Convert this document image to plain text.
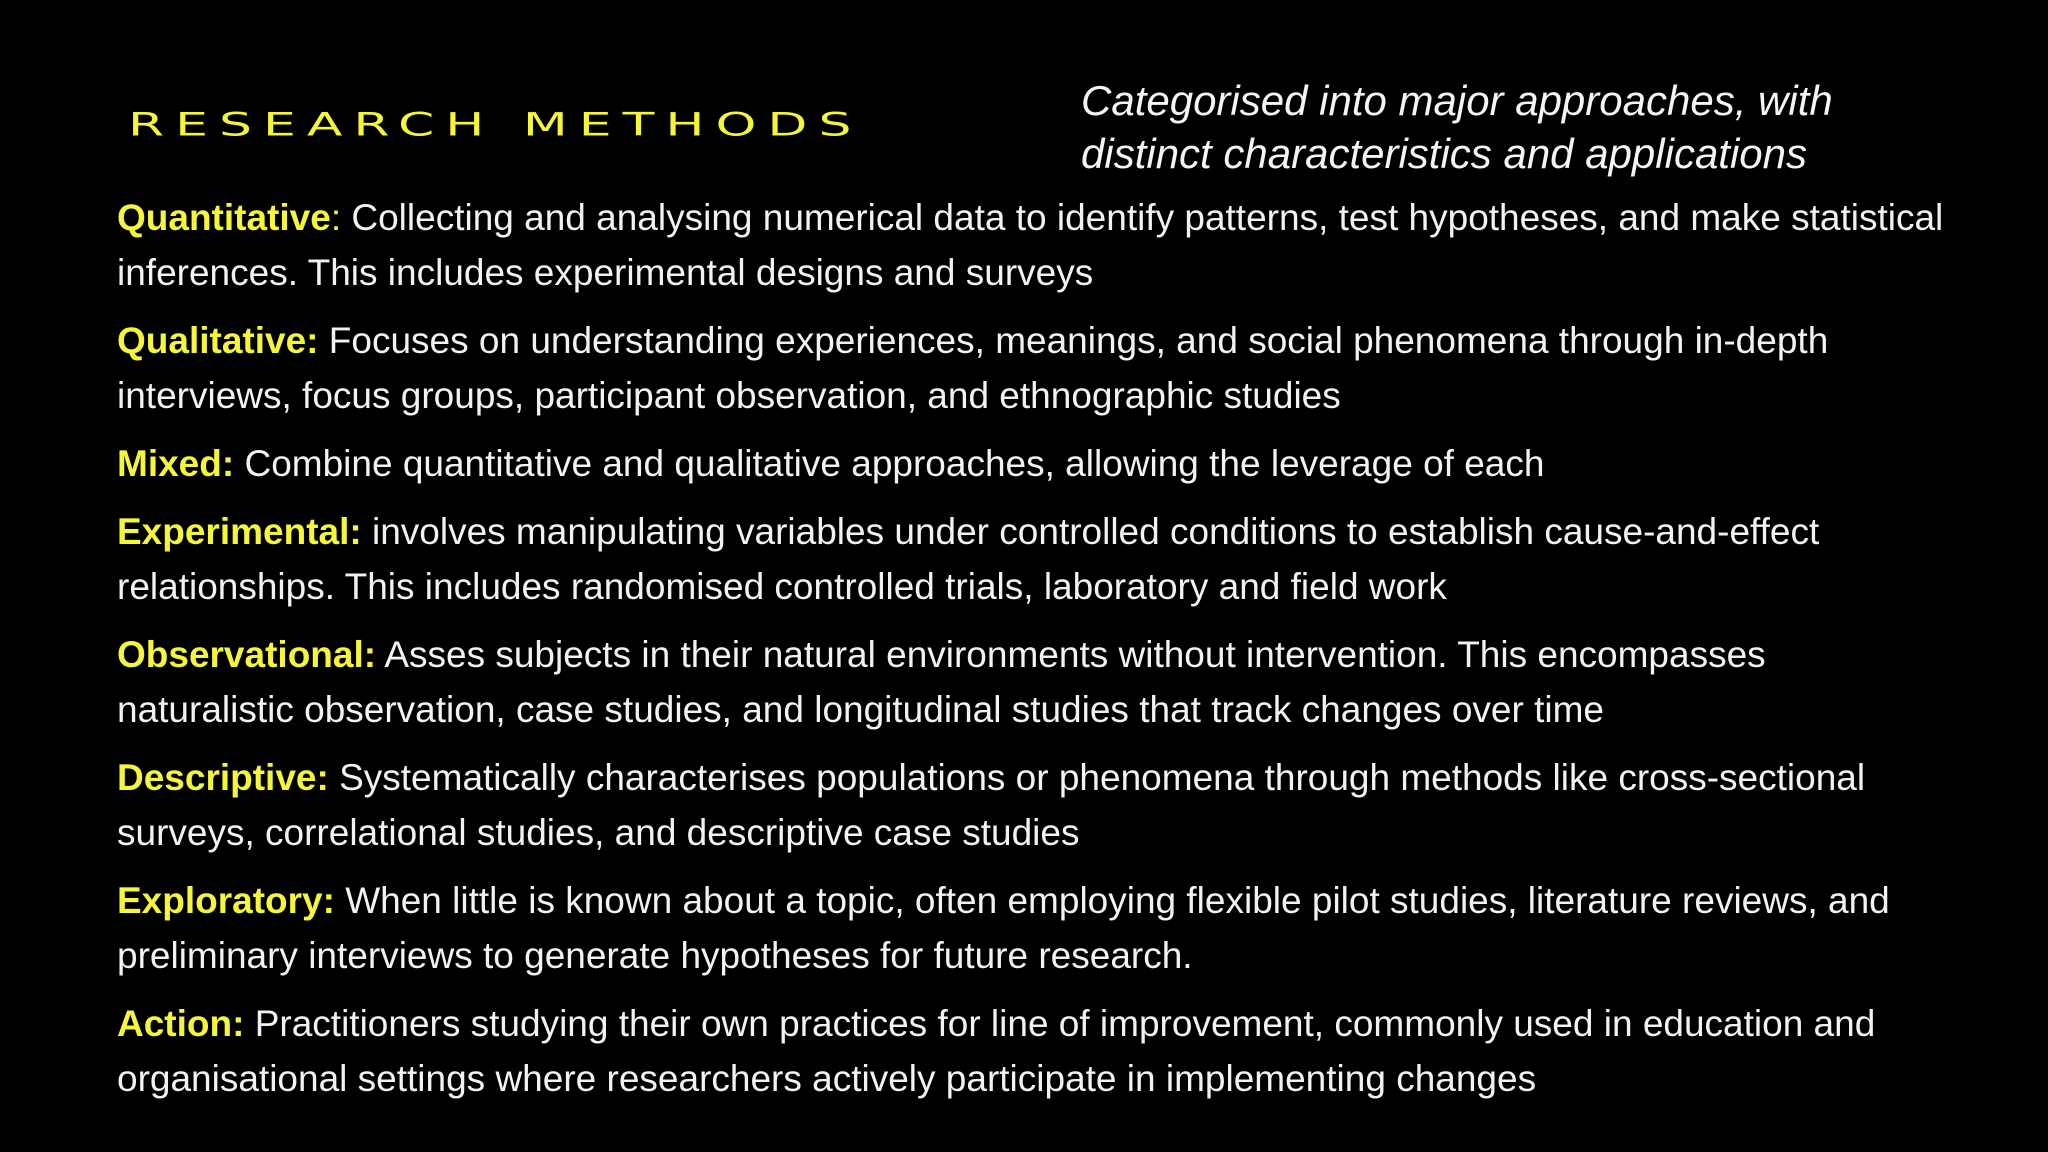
RESEARCH METHODS

Categorised into major approaches, with distinct characteristics and applications

Quantitative: Collecting and analysing numerical data to identify patterns, test hypotheses, and make statistical inferences. This includes experimental designs and surveys
Qualitative: Focuses on understanding experiences, meanings, and social phenomena through in-depth interviews, focus groups, participant observation, and ethnographic studies
Mixed: Combine quantitative and qualitative approaches, allowing the leverage of each
Experimental: involves manipulating variables under controlled conditions to establish cause-and-effect relationships. This includes randomised controlled trials, laboratory and field work
Observational: Asses subjects in their natural environments without intervention. This encompasses naturalistic observation, case studies, and longitudinal studies that track changes over time
Descriptive: Systematically characterises populations or phenomena through methods like cross-sectional surveys, correlational studies, and descriptive case studies
Exploratory: When little is known about a topic, often employing flexible pilot studies, literature reviews, and preliminary interviews to generate hypotheses for future research.
Action: Practitioners studying their own practices for line of improvement, commonly used in education and organisational settings where researchers actively participate in implementing changes
